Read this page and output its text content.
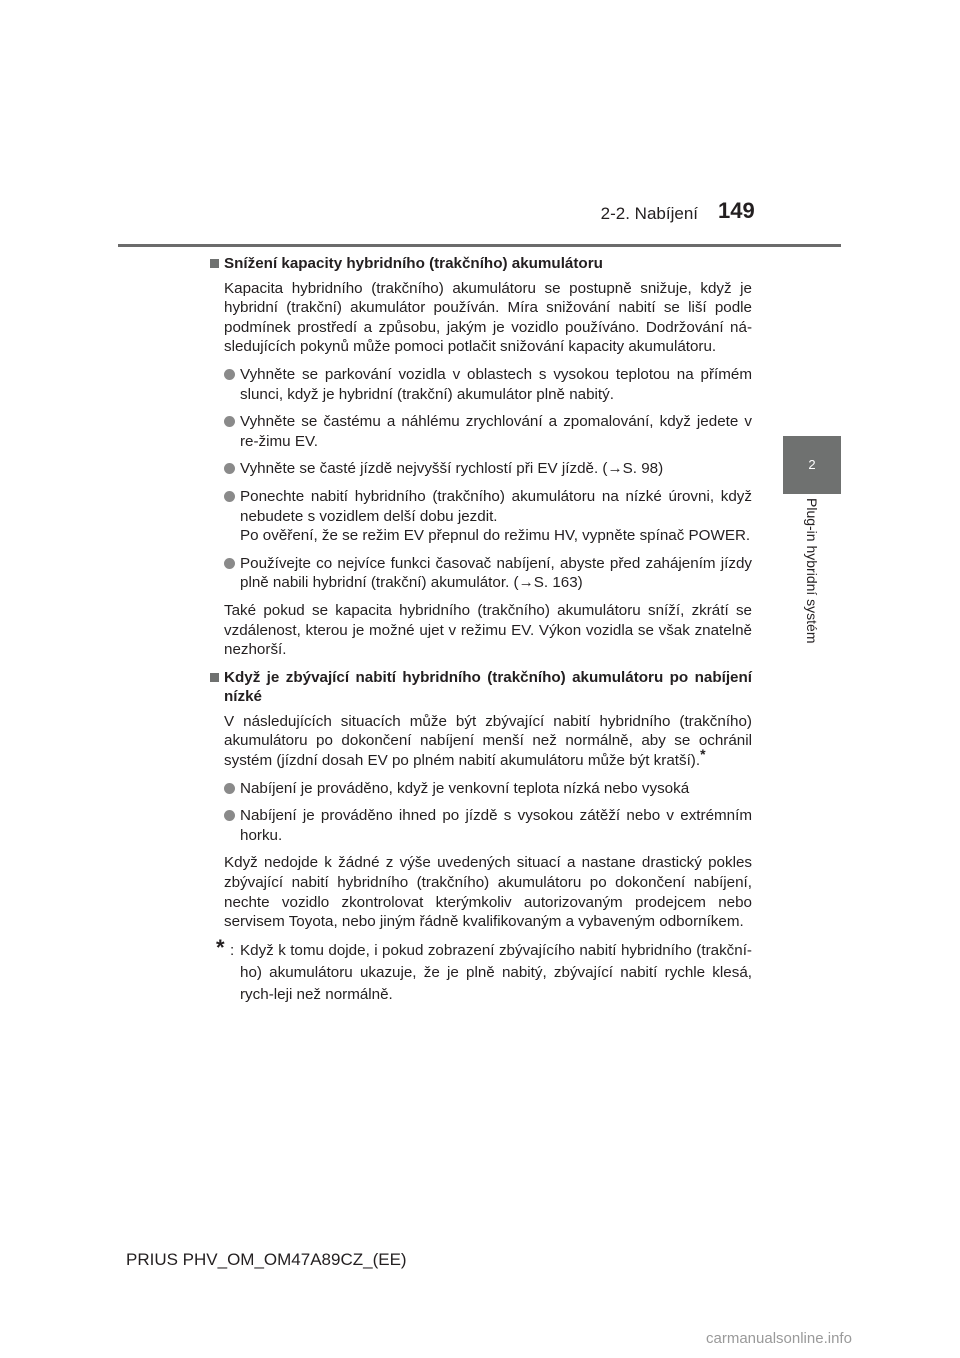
2-2. Nabíjení 149
2
Plug-in hybridní systém
Snížení kapacity hybridního (trakčního) akumulátoru
Kapacita hybridního (trakčního) akumulátoru se postupně snižuje, když je hybridní (trakční) akumulátor používán. Míra snižování nabití se liší podle podmínek prostředí a způsobu, jakým je vozidlo používáno. Dodržování ná-sledujících pokynů může pomoci potlačit snižování kapacity akumulátoru.
Vyhněte se parkování vozidla v oblastech s vysokou teplotou na přímém slunci, když je hybridní (trakční) akumulátor plně nabitý.
Vyhněte se častému a náhlému zrychlování a zpomalování, když jedete v re-žimu EV.
Vyhněte se časté jízdě nejvyšší rychlostí při EV jízdě. (→S. 98)
Ponechte nabití hybridního (trakčního) akumulátoru na nízké úrovni, když nebudete s vozidlem delší dobu jezdit.
Po ověření, že se režim EV přepnul do režimu HV, vypněte spínač POWER.
Používejte co nejvíce funkci časovač nabíjení, abyste před zahájením jízdy plně nabili hybridní (trakční) akumulátor. (→S. 163)
Také pokud se kapacita hybridního (trakčního) akumulátoru sníží, zkrátí se vzdálenost, kterou je možné ujet v režimu EV. Výkon vozidla se však znatelně nezhorší.
Když je zbývající nabití hybridního (trakčního) akumulátoru po nabíjení nízké
V následujících situacích může být zbývající nabití hybridního (trakčního) akumulátoru po dokončení nabíjení menší než normálně, aby se ochránil systém (jízdní dosah EV po plném nabití akumulátoru může být kratší).*
Nabíjení je prováděno, když je venkovní teplota nízká nebo vysoká
Nabíjení je prováděno ihned po jízdě s vysokou zátěží nebo v extrémním horku.
Když nedojde k žádné z výše uvedených situací a nastane drastický pokles zbývající nabití hybridního (trakčního) akumulátoru po dokončení nabíjení, nechte vozidlo zkontrolovat kterýmkoliv autorizovaným prodejcem nebo servisem Toyota, nebo jiným řádně kvalifikovaným a vybaveným odborníkem.
* : Když k tomu dojde, i pokud zobrazení zbývajícího nabití hybridního (trakční-ho) akumulátoru ukazuje, že je plně nabitý, zbývající nabití rychle klesá, rych-leji než normálně.
PRIUS PHV_OM_OM47A89CZ_(EE)
carmanualsonline.info
